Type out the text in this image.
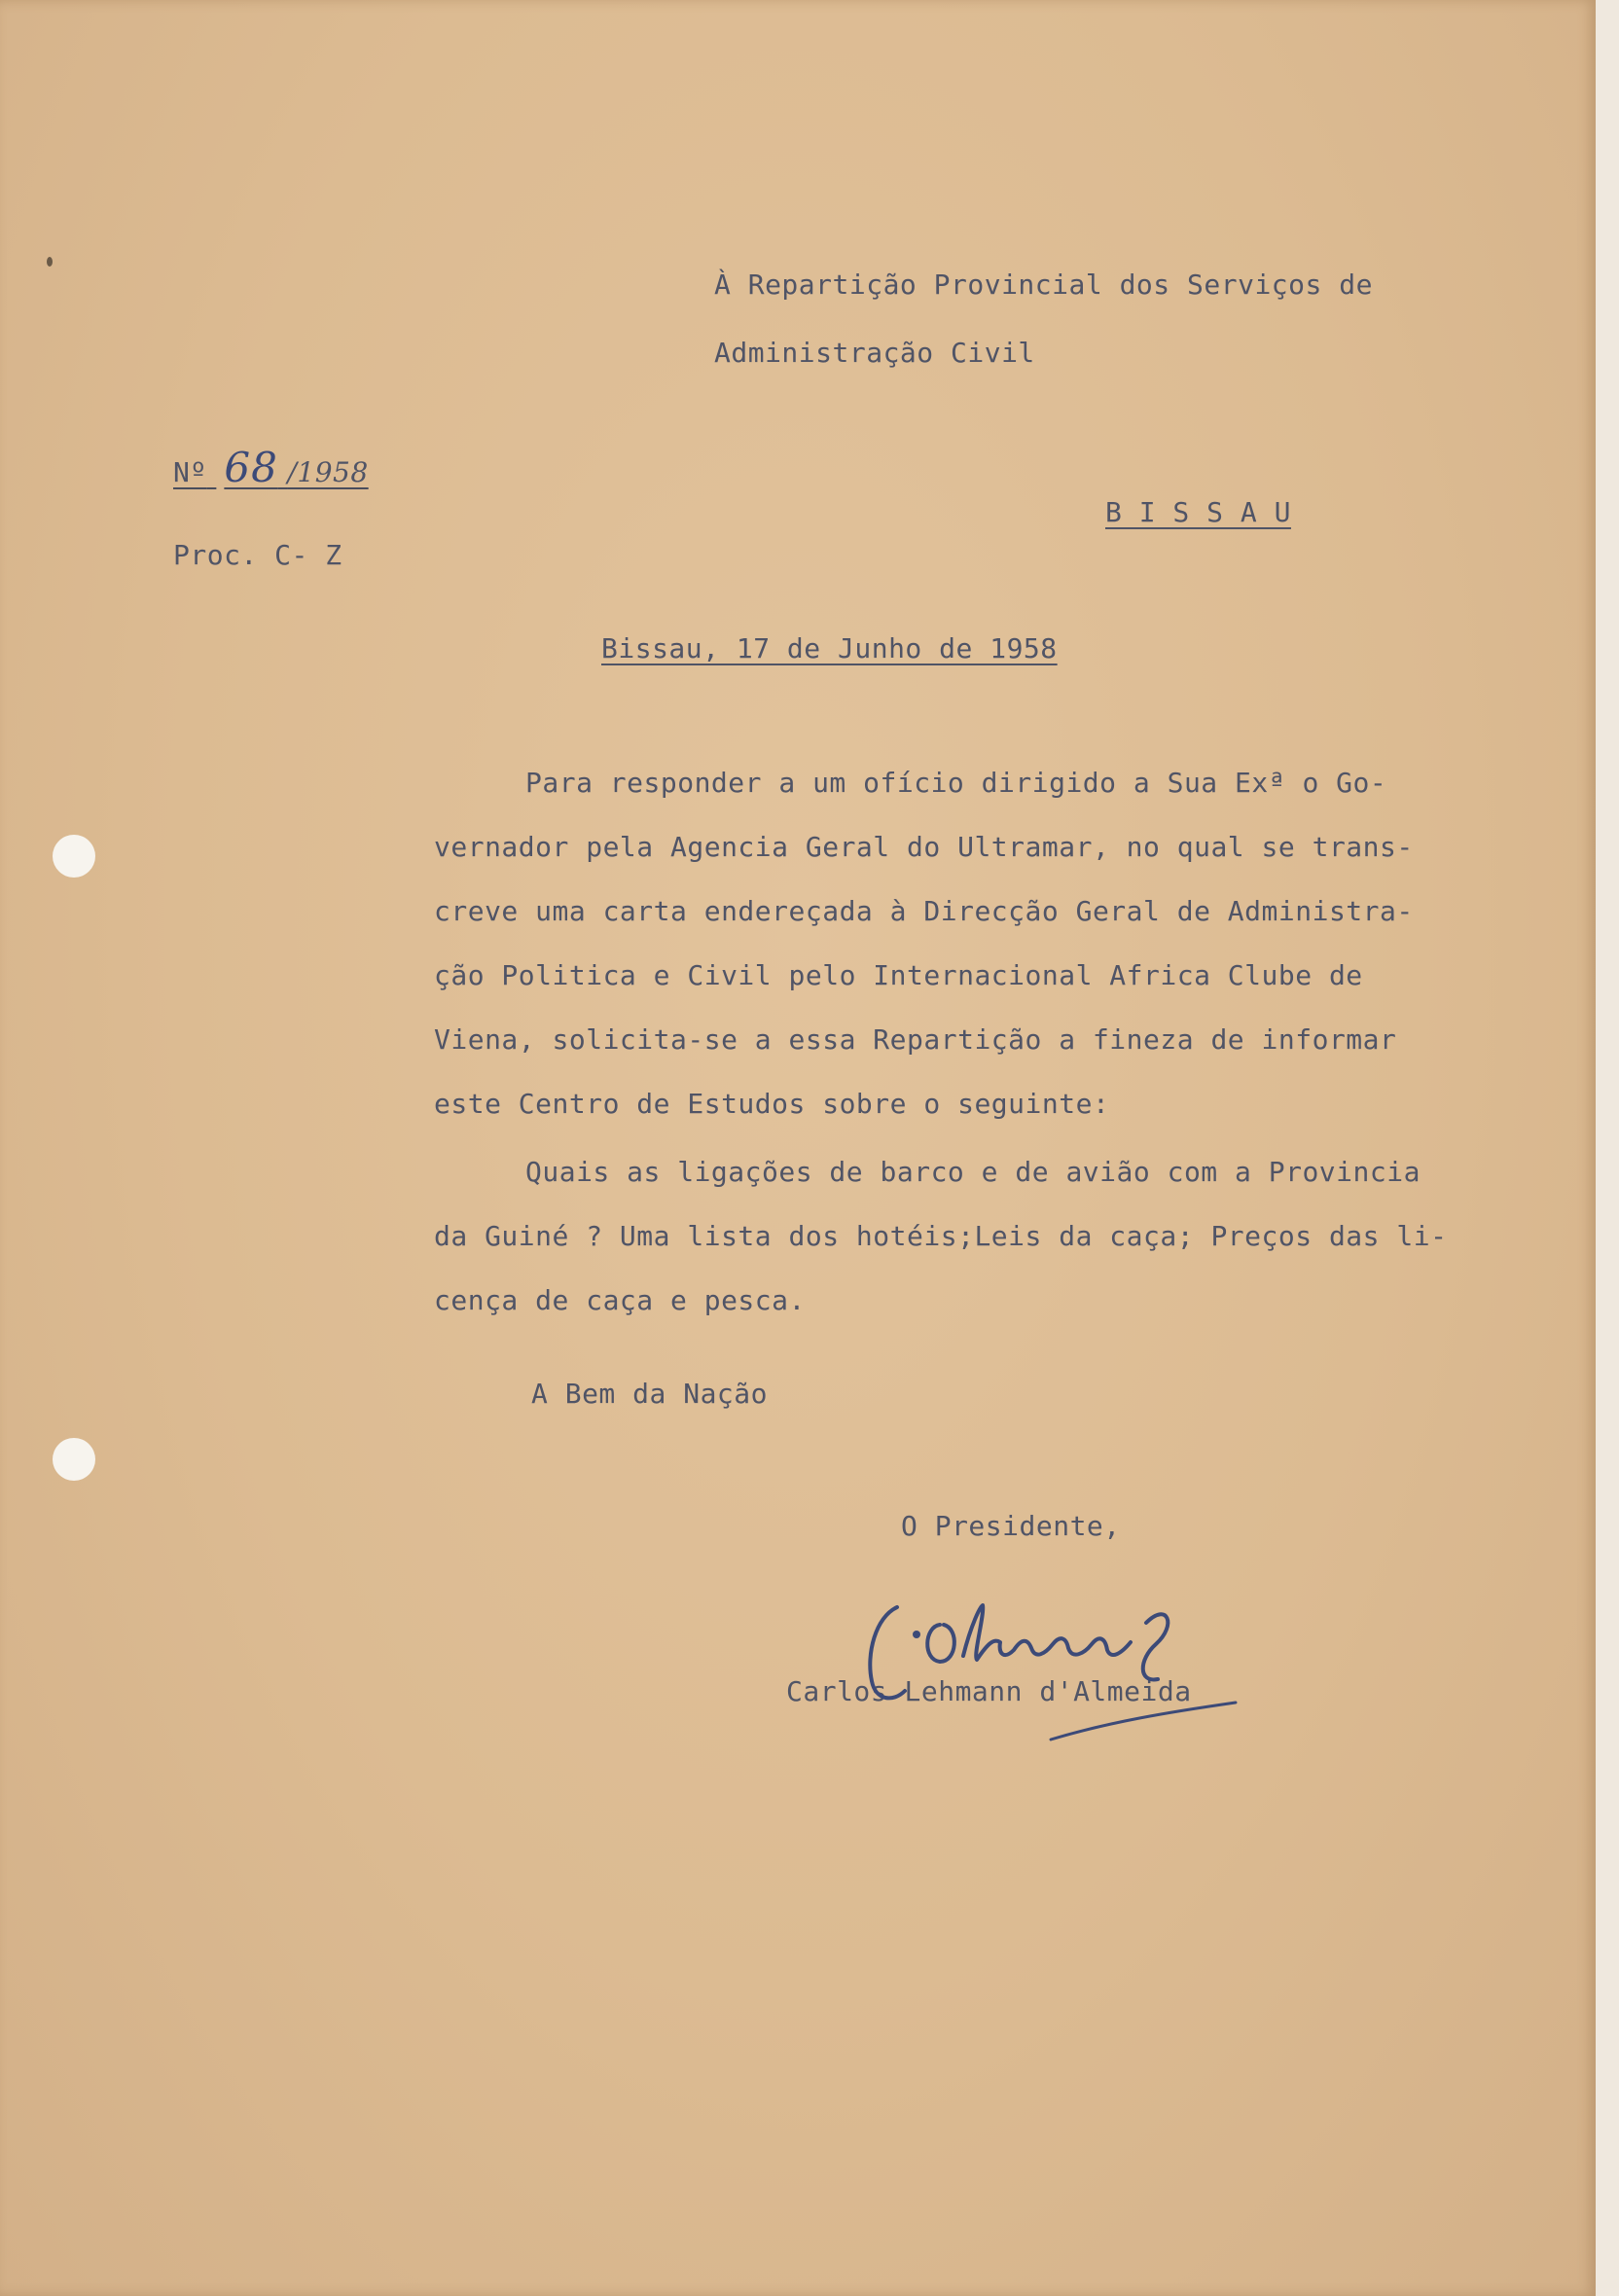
À Repartição Provincial dos Serviços de

Administração Civil

Nº 68 /1958

Proc. C- Z

B I S S A U

Bissau, 17 de Junho de 1958

Para responder a um ofício dirigido a Sua Exª o Go-

vernador pela Agencia Geral do Ultramar, no qual se trans-

creve uma carta endereçada à Direcção Geral de Administra-

ção Politica e Civil pelo Internacional Africa Clube de

Viena, solicita-se a essa Repartição a fineza de informar

este Centro de Estudos sobre o seguinte:

Quais as ligações de barco e de avião com a Provincia

da Guiné ? Uma lista dos hotéis;Leis da caça; Preços das li-

cença de caça e pesca.

A Bem da Nação

O Presidente,

Carlos Lehmann d'Almeida
